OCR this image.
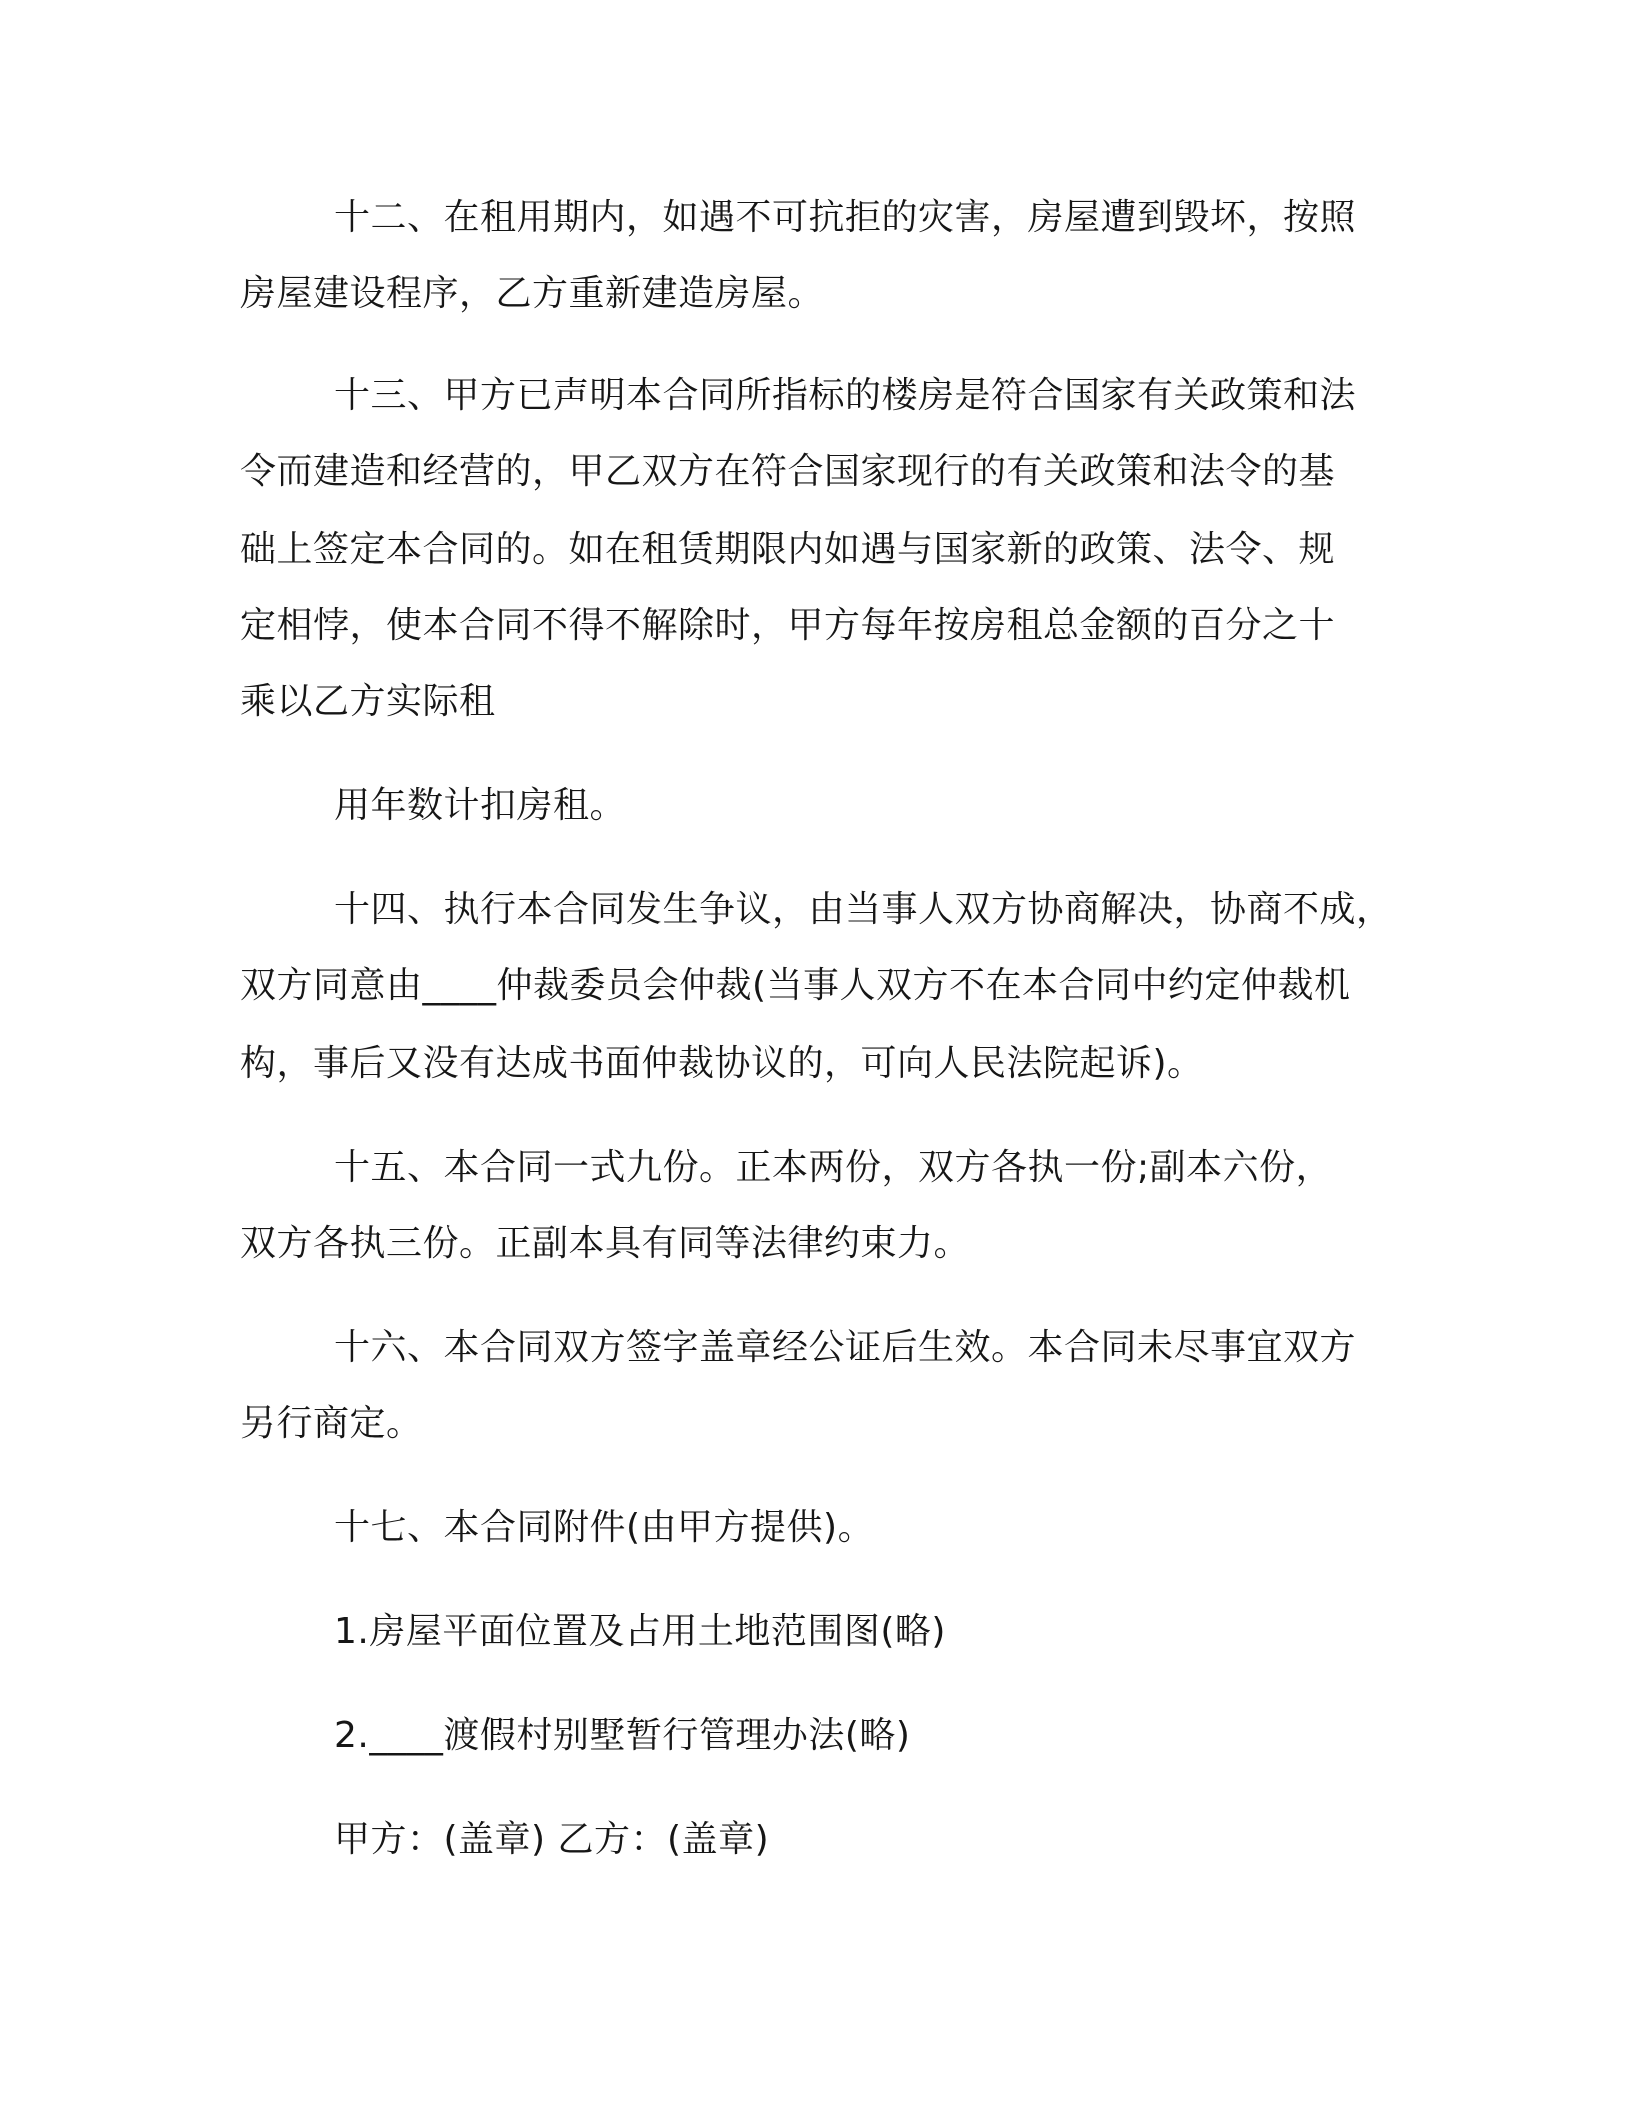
十二、在租用期内，如遇不可抗拒的灾害，房屋遭到毁坏，按照
房屋建设程序，乙方重新建造房屋。
十三、甲方已声明本合同所指标的楼房是符合国家有关政策和法
令而建造和经营的，甲乙双方在符合国家现行的有关政策和法令的基
础上签定本合同的。如在租赁期限内如遇与国家新的政策、法令、规
定相悖，使本合同不得不解除时，甲方每年按房租总金额的百分之十
乘以乙方实际租
用年数计扣房租。
十四、执行本合同发生争议，由当事人双方协商解决，协商不成，
双方同意由____仲裁委员会仲裁(当事人双方不在本合同中约定仲裁机
构，事后又没有达成书面仲裁协议的，可向人民法院起诉)。
十五、本合同一式九份。正本两份，双方各执一份;副本六份，
双方各执三份。正副本具有同等法律约束力。
十六、本合同双方签字盖章经公证后生效。本合同未尽事宜双方
另行商定。
十七、本合同附件(由甲方提供)。
1.房屋平面位置及占用土地范围图(略)
2.____渡假村别墅暂行管理办法(略)
甲方：(盖章) 乙方：(盖章)
